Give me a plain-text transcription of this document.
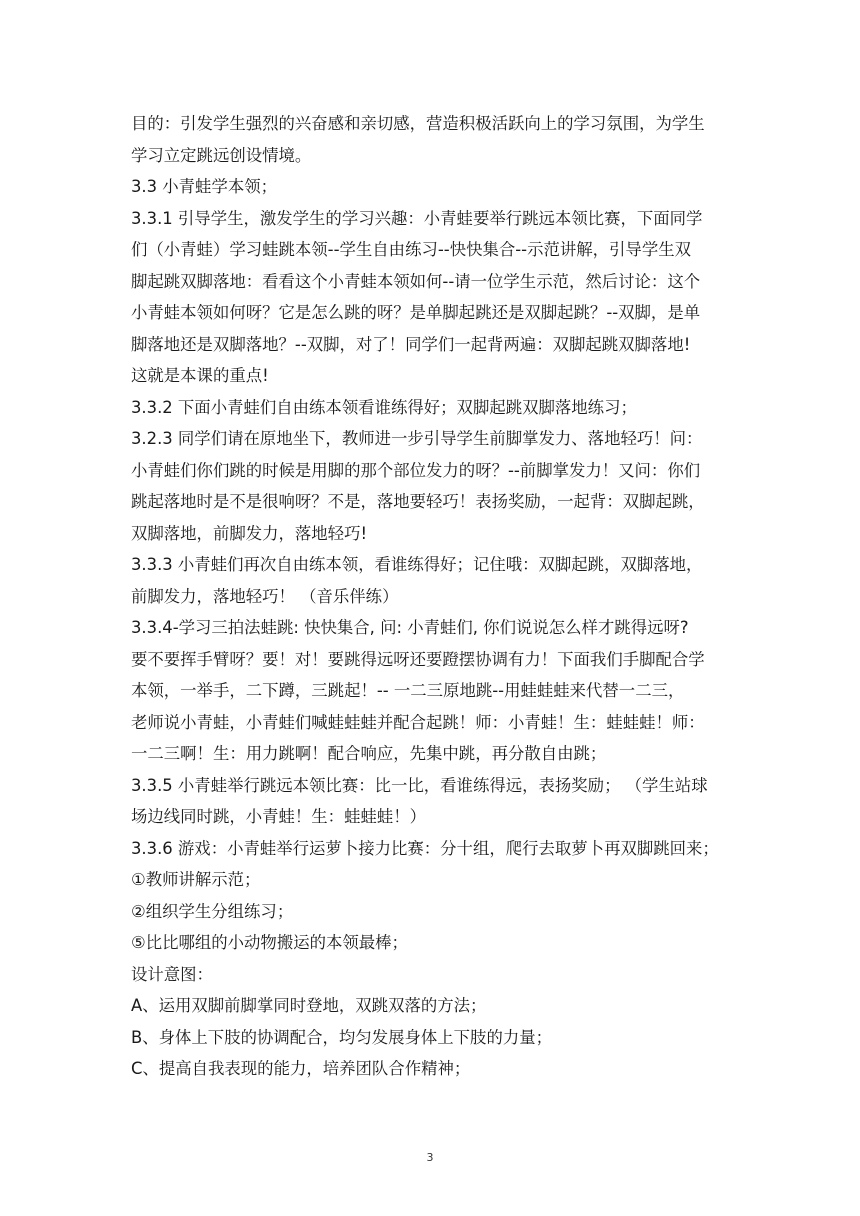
目的：引发学生强烈的兴奋感和亲切感，营造积极活跃向上的学习氛围，为学生
学习立定跳远创设情境。
3.3 小青蛙学本领；
3.3.1 引导学生，激发学生的学习兴趣：小青蛙要举行跳远本领比赛，下面同学
们（小青蛙）学习蛙跳本领--学生自由练习--快快集合--示范讲解，引导学生双
脚起跳双脚落地：看看这个小青蛙本领如何--请一位学生示范，然后讨论：这个
小青蛙本领如何呀？它是怎么跳的呀？是单脚起跳还是双脚起跳？--双脚，是单
脚落地还是双脚落地？--双脚，对了！同学们一起背两遍：双脚起跳双脚落地!
这就是本课的重点!
3.3.2 下面小青蛙们自由练本领看谁练得好；双脚起跳双脚落地练习；
3.2.3 同学们请在原地坐下，教师进一步引导学生前脚掌发力、落地轻巧！问：
小青蛙们你们跳的时候是用脚的那个部位发力的呀？--前脚掌发力！又问：你们
跳起落地时是不是很响呀？不是，落地要轻巧！表扬奖励，一起背：双脚起跳，
双脚落地，前脚发力，落地轻巧!
3.3.3 小青蛙们再次自由练本领，看谁练得好；记住哦：双脚起跳，双脚落地，
前脚发力，落地轻巧！ （音乐伴练）
3.3.4-学习三拍法蛙跳: 快快集合, 问: 小青蛙们, 你们说说怎么样才跳得远呀?
要不要挥手臂呀？要！对！要跳得远呀还要蹬摆协调有力！下面我们手脚配合学
本领，一举手，二下蹲，三跳起！-- 一二三原地跳--用蛙蛙蛙来代替一二三，
老师说小青蛙，小青蛙们喊蛙蛙蛙并配合起跳！师：小青蛙！生：蛙蛙蛙！师：
一二三啊！生：用力跳啊！配合响应，先集中跳，再分散自由跳；
3.3.5 小青蛙举行跳远本领比赛：比一比，看谁练得远，表扬奖励； （学生站球
场边线同时跳，小青蛙！生：蛙蛙蛙！）
3.3.6 游戏：小青蛙举行运萝卜接力比赛：分十组，爬行去取萝卜再双脚跳回来；
①教师讲解示范；
②组织学生分组练习；
⑤比比哪组的小动物搬运的本领最棒；
设计意图：
A、运用双脚前脚掌同时登地，双跳双落的方法；
B、身体上下肢的协调配合，均匀发展身体上下肢的力量；
C、提高自我表现的能力，培养团队合作精神；
3
